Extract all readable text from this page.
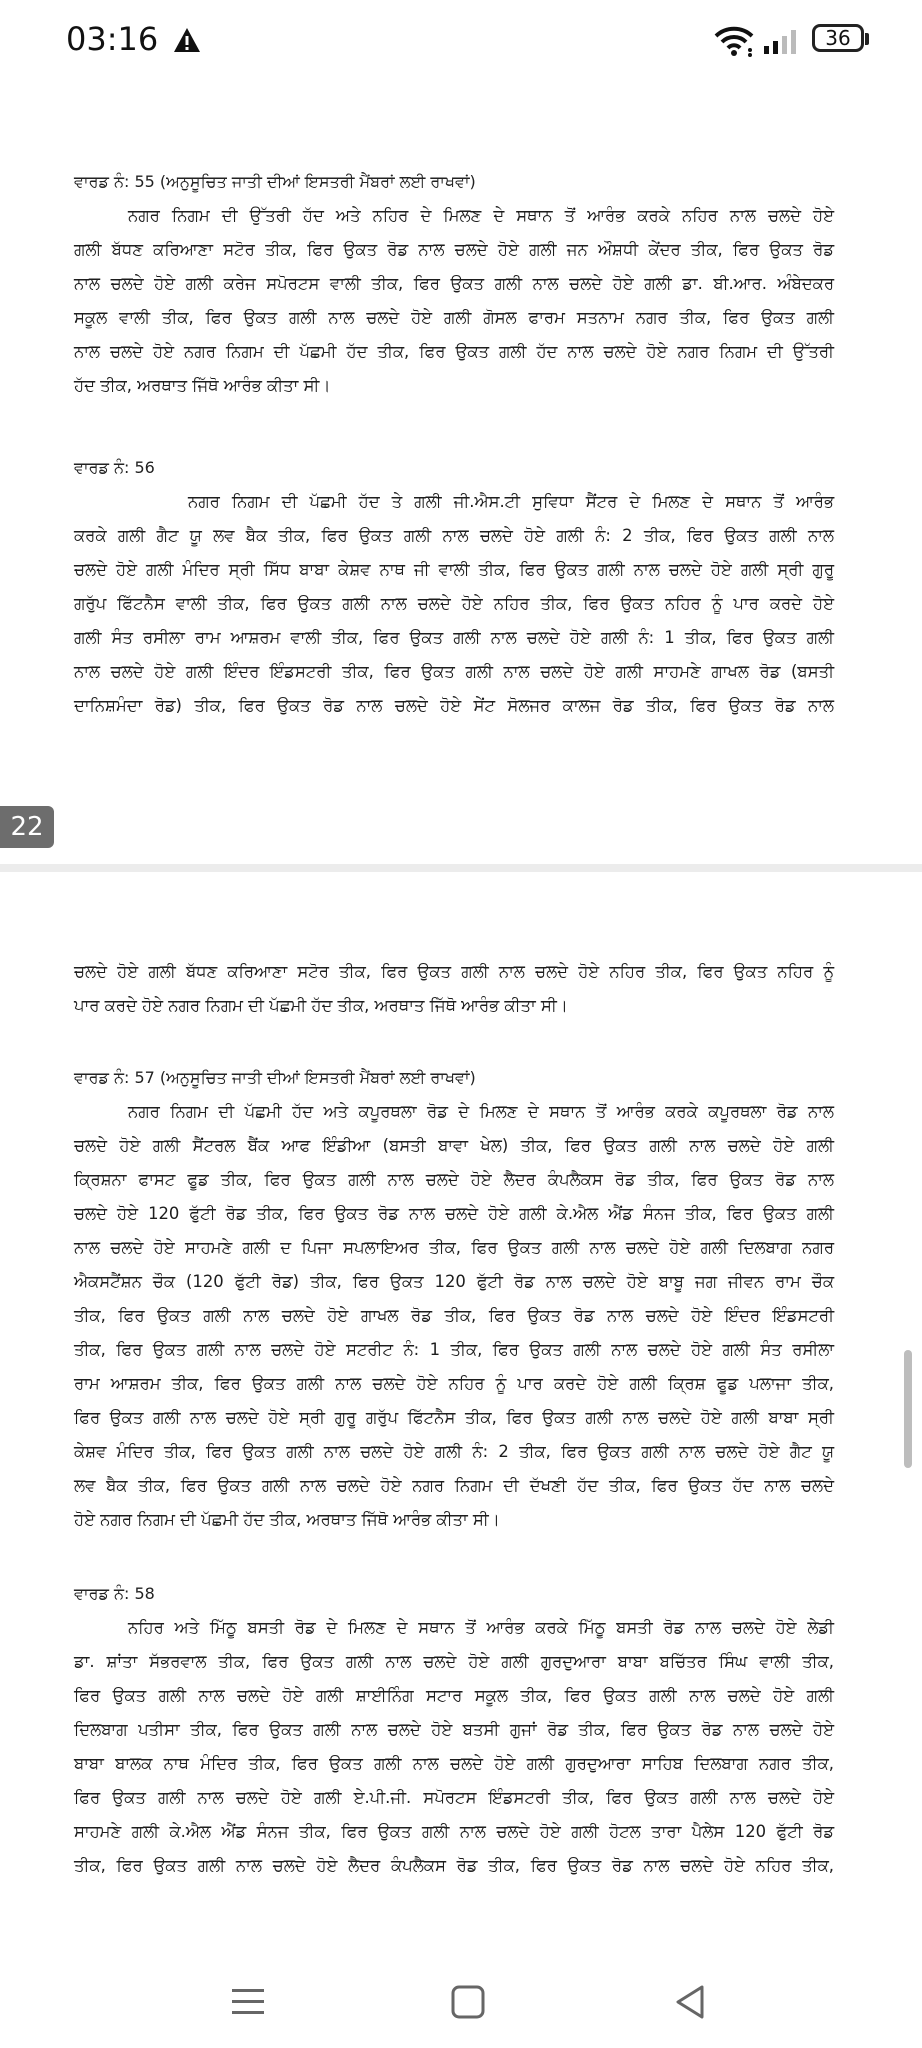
03:16	36
ਵਾਰਡ ਨੰ: 55 (ਅਨੁਸੂਚਿਤ ਜਾਤੀ ਦੀਆਂ ਇਸਤਰੀ ਮੈਂਬਰਾਂ ਲਈ ਰਾਖਵਾਂ)
ਨਗਰ ਨਿਗਮ ਦੀ ਉੱਤਰੀ ਹੱਦ ਅਤੇ ਨਹਿਰ ਦੇ ਮਿਲਣ ਦੇ ਸਥਾਨ ਤੋਂ ਆਰੰਭ ਕਰਕੇ ਨਹਿਰ ਨਾਲ ਚਲਦੇ ਹੋਏ
ਗਲੀ ਬੱਧਣ ਕਰਿਆਣਾ ਸਟੋਰ ਤੀਕ, ਫਿਰ ਉਕਤ ਰੋਡ ਨਾਲ ਚਲਦੇ ਹੋਏ ਗਲੀ ਜਨ ਔਸ਼ਧੀ ਕੇਂਦਰ ਤੀਕ, ਫਿਰ ਉਕਤ ਰੋਡ
ਨਾਲ ਚਲਦੇ ਹੋਏ ਗਲੀ ਕਰੇਜ ਸਪੋਰਟਸ ਵਾਲੀ ਤੀਕ, ਫਿਰ ਉਕਤ ਗਲੀ ਨਾਲ ਚਲਦੇ ਹੋਏ ਗਲੀ ਡਾ. ਬੀ.ਆਰ. ਅੰਬੇਦਕਰ
ਸਕੂਲ ਵਾਲੀ ਤੀਕ, ਫਿਰ ਉਕਤ ਗਲੀ ਨਾਲ ਚਲਦੇ ਹੋਏ ਗਲੀ ਗੋਸਲ ਫਾਰਮ ਸਤਨਾਮ ਨਗਰ ਤੀਕ, ਫਿਰ ਉਕਤ ਗਲੀ
ਨਾਲ ਚਲਦੇ ਹੋਏ ਨਗਰ ਨਿਗਮ ਦੀ ਪੱਛਮੀ ਹੱਦ ਤੀਕ, ਫਿਰ ਉਕਤ ਗਲੀ ਹੱਦ ਨਾਲ ਚਲਦੇ ਹੋਏ ਨਗਰ ਨਿਗਮ ਦੀ ਉੱਤਰੀ
ਹੱਦ ਤੀਕ, ਅਰਥਾਤ ਜਿੱਥੋ ਆਰੰਭ ਕੀਤਾ ਸੀ।
ਵਾਰਡ ਨੰ: 56
ਨਗਰ ਨਿਗਮ ਦੀ ਪੱਛਮੀ ਹੱਦ ਤੇ ਗਲੀ ਜੀ.ਐਸ.ਟੀ ਸੁਵਿਧਾ ਸੈਂਟਰ ਦੇ ਮਿਲਣ ਦੇ ਸਥਾਨ ਤੋਂ ਆਰੰਭ
ਕਰਕੇ ਗਲੀ ਗੈਟ ਯੂ ਲਵ ਬੈਕ ਤੀਕ, ਫਿਰ ਉਕਤ ਗਲੀ ਨਾਲ ਚਲਦੇ ਹੋਏ ਗਲੀ ਨੰ: 2 ਤੀਕ, ਫਿਰ ਉਕਤ ਗਲੀ ਨਾਲ
ਚਲਦੇ ਹੋਏ ਗਲੀ ਮੰਦਿਰ ਸ੍ਰੀ ਸਿੱਧ ਬਾਬਾ ਕੇਸ਼ਵ ਨਾਥ ਜੀ ਵਾਲੀ ਤੀਕ, ਫਿਰ ਉਕਤ ਗਲੀ ਨਾਲ ਚਲਦੇ ਹੋਏ ਗਲੀ ਸ੍ਰੀ ਗੁਰੂ
ਗਰੁੱਪ ਫਿੱਟਨੈਸ ਵਾਲੀ ਤੀਕ, ਫਿਰ ਉਕਤ ਗਲੀ ਨਾਲ ਚਲਦੇ ਹੋਏ ਨਹਿਰ ਤੀਕ, ਫਿਰ ਉਕਤ ਨਹਿਰ ਨੂੰ ਪਾਰ ਕਰਦੇ ਹੋਏ
ਗਲੀ ਸੰਤ ਰਸੀਲਾ ਰਾਮ ਆਸ਼ਰਮ ਵਾਲੀ ਤੀਕ, ਫਿਰ ਉਕਤ ਗਲੀ ਨਾਲ ਚਲਦੇ ਹੋਏ ਗਲੀ ਨੰ: 1 ਤੀਕ, ਫਿਰ ਉਕਤ ਗਲੀ
ਨਾਲ ਚਲਦੇ ਹੋਏ ਗਲੀ ਇੰਦਰ ਇੰਡਸਟਰੀ ਤੀਕ, ਫਿਰ ਉਕਤ ਗਲੀ ਨਾਲ ਚਲਦੇ ਹੋਏ ਗਲੀ ਸਾਹਮਣੇ ਗਾਖਲ ਰੋਡ (ਬਸਤੀ
ਦਾਨਿਸ਼ਮੰਦਾ ਰੋਡ) ਤੀਕ, ਫਿਰ ਉਕਤ ਰੋਡ ਨਾਲ ਚਲਦੇ ਹੋਏ ਸੇਂਟ ਸੋਲਜਰ ਕਾਲਜ ਰੋਡ ਤੀਕ, ਫਿਰ ਉਕਤ ਰੋਡ ਨਾਲ
22
ਚਲਦੇ ਹੋਏ ਗਲੀ ਬੱਧਣ ਕਰਿਆਣਾ ਸਟੋਰ ਤੀਕ, ਫਿਰ ਉਕਤ ਗਲੀ ਨਾਲ ਚਲਦੇ ਹੋਏ ਨਹਿਰ ਤੀਕ, ਫਿਰ ਉਕਤ ਨਹਿਰ ਨੂੰ
ਪਾਰ ਕਰਦੇ ਹੋਏ ਨਗਰ ਨਿਗਮ ਦੀ ਪੱਛਮੀ ਹੱਦ ਤੀਕ, ਅਰਥਾਤ ਜਿੱਥੋ ਆਰੰਭ ਕੀਤਾ ਸੀ।
ਵਾਰਡ ਨੰ: 57 (ਅਨੁਸੂਚਿਤ ਜਾਤੀ ਦੀਆਂ ਇਸਤਰੀ ਮੈਂਬਰਾਂ ਲਈ ਰਾਖਵਾਂ)
ਨਗਰ ਨਿਗਮ ਦੀ ਪੱਛਮੀ ਹੱਦ ਅਤੇ ਕਪੂਰਥਲਾ ਰੋਡ ਦੇ ਮਿਲਣ ਦੇ ਸਥਾਨ ਤੋਂ ਆਰੰਭ ਕਰਕੇ ਕਪੂਰਥਲਾ ਰੋਡ ਨਾਲ
ਚਲਦੇ ਹੋਏ ਗਲੀ ਸੈਂਟਰਲ ਬੈਂਕ ਆਫ ਇੰਡੀਆ (ਬਸਤੀ ਬਾਵਾ ਖੇਲ) ਤੀਕ, ਫਿਰ ਉਕਤ ਗਲੀ ਨਾਲ ਚਲਦੇ ਹੋਏ ਗਲੀ
ਕ੍ਰਿਸ਼ਨਾ ਫਾਸਟ ਫੂਡ ਤੀਕ, ਫਿਰ ਉਕਤ ਗਲੀ ਨਾਲ ਚਲਦੇ ਹੋਏ ਲੈਦਰ ਕੰਪਲੈਕਸ ਰੋਡ ਤੀਕ, ਫਿਰ ਉਕਤ ਰੋਡ ਨਾਲ
ਚਲਦੇ ਹੋਏ 120 ਫੁੱਟੀ ਰੋਡ ਤੀਕ, ਫਿਰ ਉਕਤ ਰੋਡ ਨਾਲ ਚਲਦੇ ਹੋਏ ਗਲੀ ਕੇ.ਐਲ ਐਂਡ ਸੰਨਜ ਤੀਕ, ਫਿਰ ਉਕਤ ਗਲੀ
ਨਾਲ ਚਲਦੇ ਹੋਏ ਸਾਹਮਣੇ ਗਲੀ ਦ ਪਿਜਾ ਸਪਲਾਇਅਰ ਤੀਕ, ਫਿਰ ਉਕਤ ਗਲੀ ਨਾਲ ਚਲਦੇ ਹੋਏ ਗਲੀ ਦਿਲਬਾਗ ਨਗਰ
ਐਕਸਟੈਂਸ਼ਨ ਚੌਕ (120 ਫੁੱਟੀ ਰੋਡ) ਤੀਕ, ਫਿਰ ਉਕਤ 120 ਫੁੱਟੀ ਰੋਡ ਨਾਲ ਚਲਦੇ ਹੋਏ ਬਾਬੂ ਜਗ ਜੀਵਨ ਰਾਮ ਚੌਕ
ਤੀਕ, ਫਿਰ ਉਕਤ ਗਲੀ ਨਾਲ ਚਲਦੇ ਹੋਏ ਗਾਖਲ ਰੋਡ ਤੀਕ, ਫਿਰ ਉਕਤ ਰੋਡ ਨਾਲ ਚਲਦੇ ਹੋਏ ਇੰਦਰ ਇੰਡਸਟਰੀ
ਤੀਕ, ਫਿਰ ਉਕਤ ਗਲੀ ਨਾਲ ਚਲਦੇ ਹੋਏ ਸਟਰੀਟ ਨੰ: 1 ਤੀਕ, ਫਿਰ ਉਕਤ ਗਲੀ ਨਾਲ ਚਲਦੇ ਹੋਏ ਗਲੀ ਸੰਤ ਰਸੀਲਾ
ਰਾਮ ਆਸ਼ਰਮ ਤੀਕ, ਫਿਰ ਉਕਤ ਗਲੀ ਨਾਲ ਚਲਦੇ ਹੋਏ ਨਹਿਰ ਨੂੰ ਪਾਰ ਕਰਦੇ ਹੋਏ ਗਲੀ ਕ੍ਰਿਸ਼ ਫੂਡ ਪਲਾਜਾ ਤੀਕ,
ਫਿਰ ਉਕਤ ਗਲੀ ਨਾਲ ਚਲਦੇ ਹੋਏ ਸ੍ਰੀ ਗੁਰੂ ਗਰੁੱਪ ਫਿੱਟਨੈਸ ਤੀਕ, ਫਿਰ ਉਕਤ ਗਲੀ ਨਾਲ ਚਲਦੇ ਹੋਏ ਗਲੀ ਬਾਬਾ ਸ੍ਰੀ
ਕੇਸ਼ਵ ਮੰਦਿਰ ਤੀਕ, ਫਿਰ ਉਕਤ ਗਲੀ ਨਾਲ ਚਲਦੇ ਹੋਏ ਗਲੀ ਨੰ: 2 ਤੀਕ, ਫਿਰ ਉਕਤ ਗਲੀ ਨਾਲ ਚਲਦੇ ਹੋਏ ਗੈਟ ਯੂ
ਲਵ ਬੈਕ ਤੀਕ, ਫਿਰ ਉਕਤ ਗਲੀ ਨਾਲ ਚਲਦੇ ਹੋਏ ਨਗਰ ਨਿਗਮ ਦੀ ਦੱਖਣੀ ਹੱਦ ਤੀਕ, ਫਿਰ ਉਕਤ ਹੱਦ ਨਾਲ ਚਲਦੇ
ਹੋਏ ਨਗਰ ਨਿਗਮ ਦੀ ਪੱਛਮੀ ਹੱਦ ਤੀਕ, ਅਰਥਾਤ ਜਿੱਥੋ ਆਰੰਭ ਕੀਤਾ ਸੀ।
ਵਾਰਡ ਨੰ: 58
ਨਹਿਰ ਅਤੇ ਮਿੱਠੂ ਬਸਤੀ ਰੋਡ ਦੇ ਮਿਲਣ ਦੇ ਸਥਾਨ ਤੋਂ ਆਰੰਭ ਕਰਕੇ ਮਿੱਠੂ ਬਸਤੀ ਰੋਡ ਨਾਲ ਚਲਦੇ ਹੋਏ ਲੇਡੀ
ਡਾ. ਸ਼ਾਂਤਾ ਸੱਭਰਵਾਲ ਤੀਕ, ਫਿਰ ਉਕਤ ਗਲੀ ਨਾਲ ਚਲਦੇ ਹੋਏ ਗਲੀ ਗੁਰਦੁਆਰਾ ਬਾਬਾ ਬਚਿੱਤਰ ਸਿੰਘ ਵਾਲੀ ਤੀਕ,
ਫਿਰ ਉਕਤ ਗਲੀ ਨਾਲ ਚਲਦੇ ਹੋਏ ਗਲੀ ਸ਼ਾਈਨਿੰਗ ਸਟਾਰ ਸਕੂਲ ਤੀਕ, ਫਿਰ ਉਕਤ ਗਲੀ ਨਾਲ ਚਲਦੇ ਹੋਏ ਗਲੀ
ਦਿਲਬਾਗ ਪਤੀਸਾ ਤੀਕ, ਫਿਰ ਉਕਤ ਗਲੀ ਨਾਲ ਚਲਦੇ ਹੋਏ ਬਤਸੀ ਗੁਜਾਂ ਰੋਡ ਤੀਕ, ਫਿਰ ਉਕਤ ਰੋਡ ਨਾਲ ਚਲਦੇ ਹੋਏ
ਬਾਬਾ ਬਾਲਕ ਨਾਥ ਮੰਦਿਰ ਤੀਕ, ਫਿਰ ਉਕਤ ਗਲੀ ਨਾਲ ਚਲਦੇ ਹੋਏ ਗਲੀ ਗੁਰਦੁਆਰਾ ਸਾਹਿਬ ਦਿਲਬਾਗ ਨਗਰ ਤੀਕ,
ਫਿਰ ਉਕਤ ਗਲੀ ਨਾਲ ਚਲਦੇ ਹੋਏ ਗਲੀ ਏ.ਪੀ.ਜੀ. ਸਪੋਰਟਸ ਇੰਡਸਟਰੀ ਤੀਕ, ਫਿਰ ਉਕਤ ਗਲੀ ਨਾਲ ਚਲਦੇ ਹੋਏ
ਸਾਹਮਣੇ ਗਲੀ ਕੇ.ਐਲ ਐਂਡ ਸੰਨਜ ਤੀਕ, ਫਿਰ ਉਕਤ ਗਲੀ ਨਾਲ ਚਲਦੇ ਹੋਏ ਗਲੀ ਹੋਟਲ ਤਾਰਾ ਪੈਲੇਸ 120 ਫੁੱਟੀ ਰੋਡ
ਤੀਕ, ਫਿਰ ਉਕਤ ਗਲੀ ਨਾਲ ਚਲਦੇ ਹੋਏ ਲੈਦਰ ਕੰਪਲੈਕਸ ਰੋਡ ਤੀਕ, ਫਿਰ ਉਕਤ ਰੋਡ ਨਾਲ ਚਲਦੇ ਹੋਏ ਨਹਿਰ ਤੀਕ,
